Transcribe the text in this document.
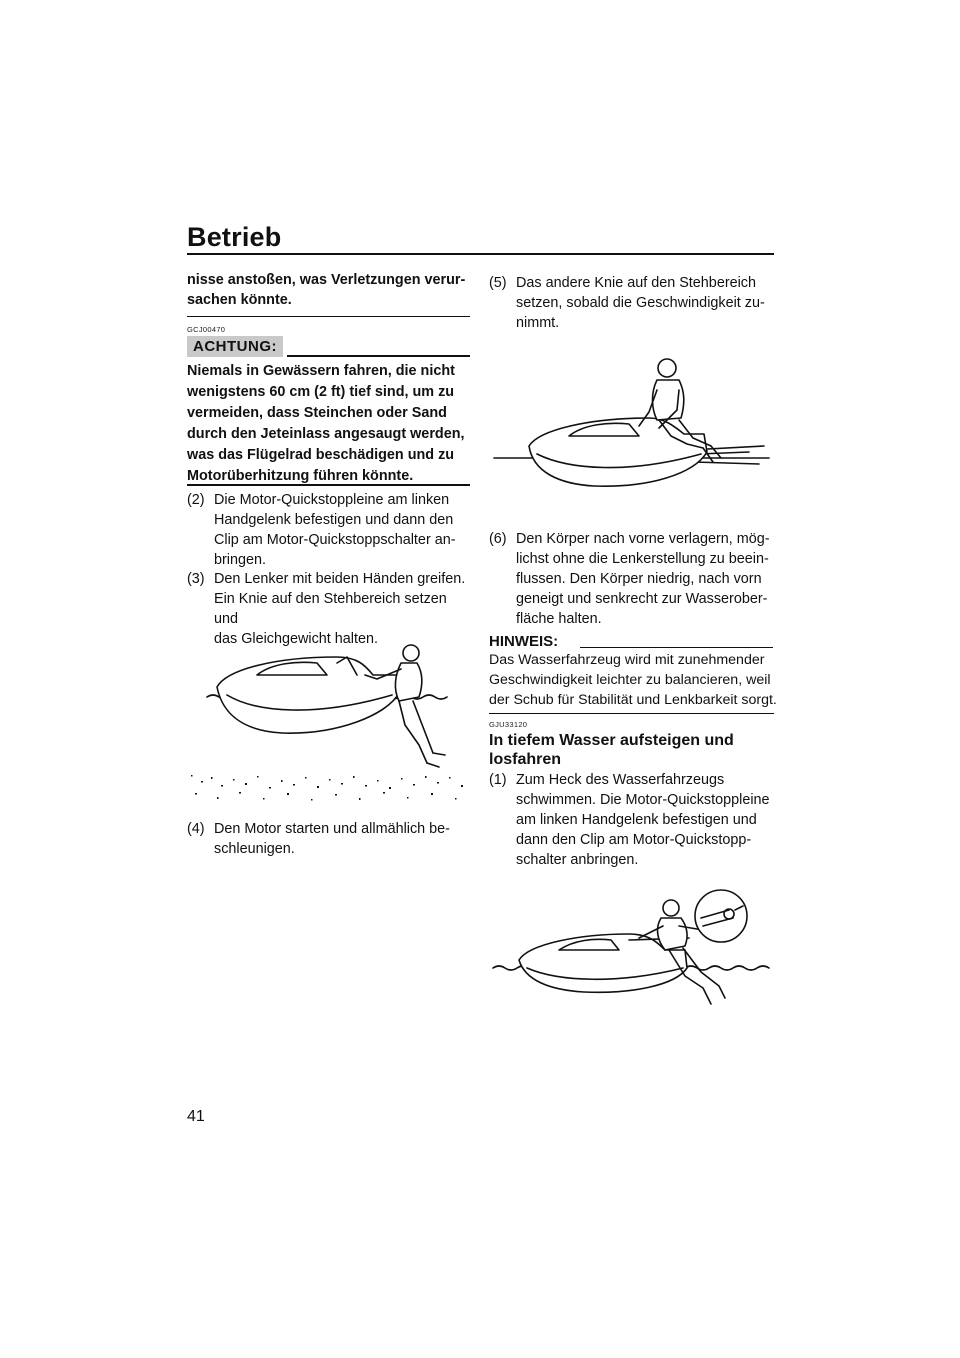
Betrieb
nisse anstoßen, was Verletzungen verur-
sachen könnte.
GCJ00470
ACHTUNG:
Niemals in Gewässern fahren, die nicht
wenigstens 60 cm (2 ft) tief sind, um zu
vermeiden, dass Steinchen oder Sand
durch den Jeteinlass angesaugt werden,
was das Flügelrad beschädigen und zu
Motorüberhitzung führen könnte.
(2) Die Motor-Quickstoppleine am linken
Handgelenk befestigen und dann den
Clip am Motor-Quickstoppschalter an-
bringen.
(3) Den Lenker mit beiden Händen greifen.
Ein Knie auf den Stehbereich setzen und
das Gleichgewicht halten.
(4) Den Motor starten und allmählich be-
schleunigen.
(5) Das andere Knie auf den Stehbereich
setzen, sobald die Geschwindigkeit zu-
nimmt.
(6) Den Körper nach vorne verlagern, mög-
lichst ohne die Lenkerstellung zu beein-
flussen. Den Körper niedrig, nach vorn
geneigt und senkrecht zur Wasserober-
fläche halten.
HINWEIS:
Das Wasserfahrzeug wird mit zunehmender
Geschwindigkeit leichter zu balancieren, weil
der Schub für Stabilität und Lenkbarkeit sorgt.
GJU33120
In tiefem Wasser aufsteigen und
losfahren
(1) Zum Heck des Wasserfahrzeugs
schwimmen. Die Motor-Quickstoppleine
am linken Handgelenk befestigen und
dann den Clip am Motor-Quickstopp-
schalter anbringen.
41
